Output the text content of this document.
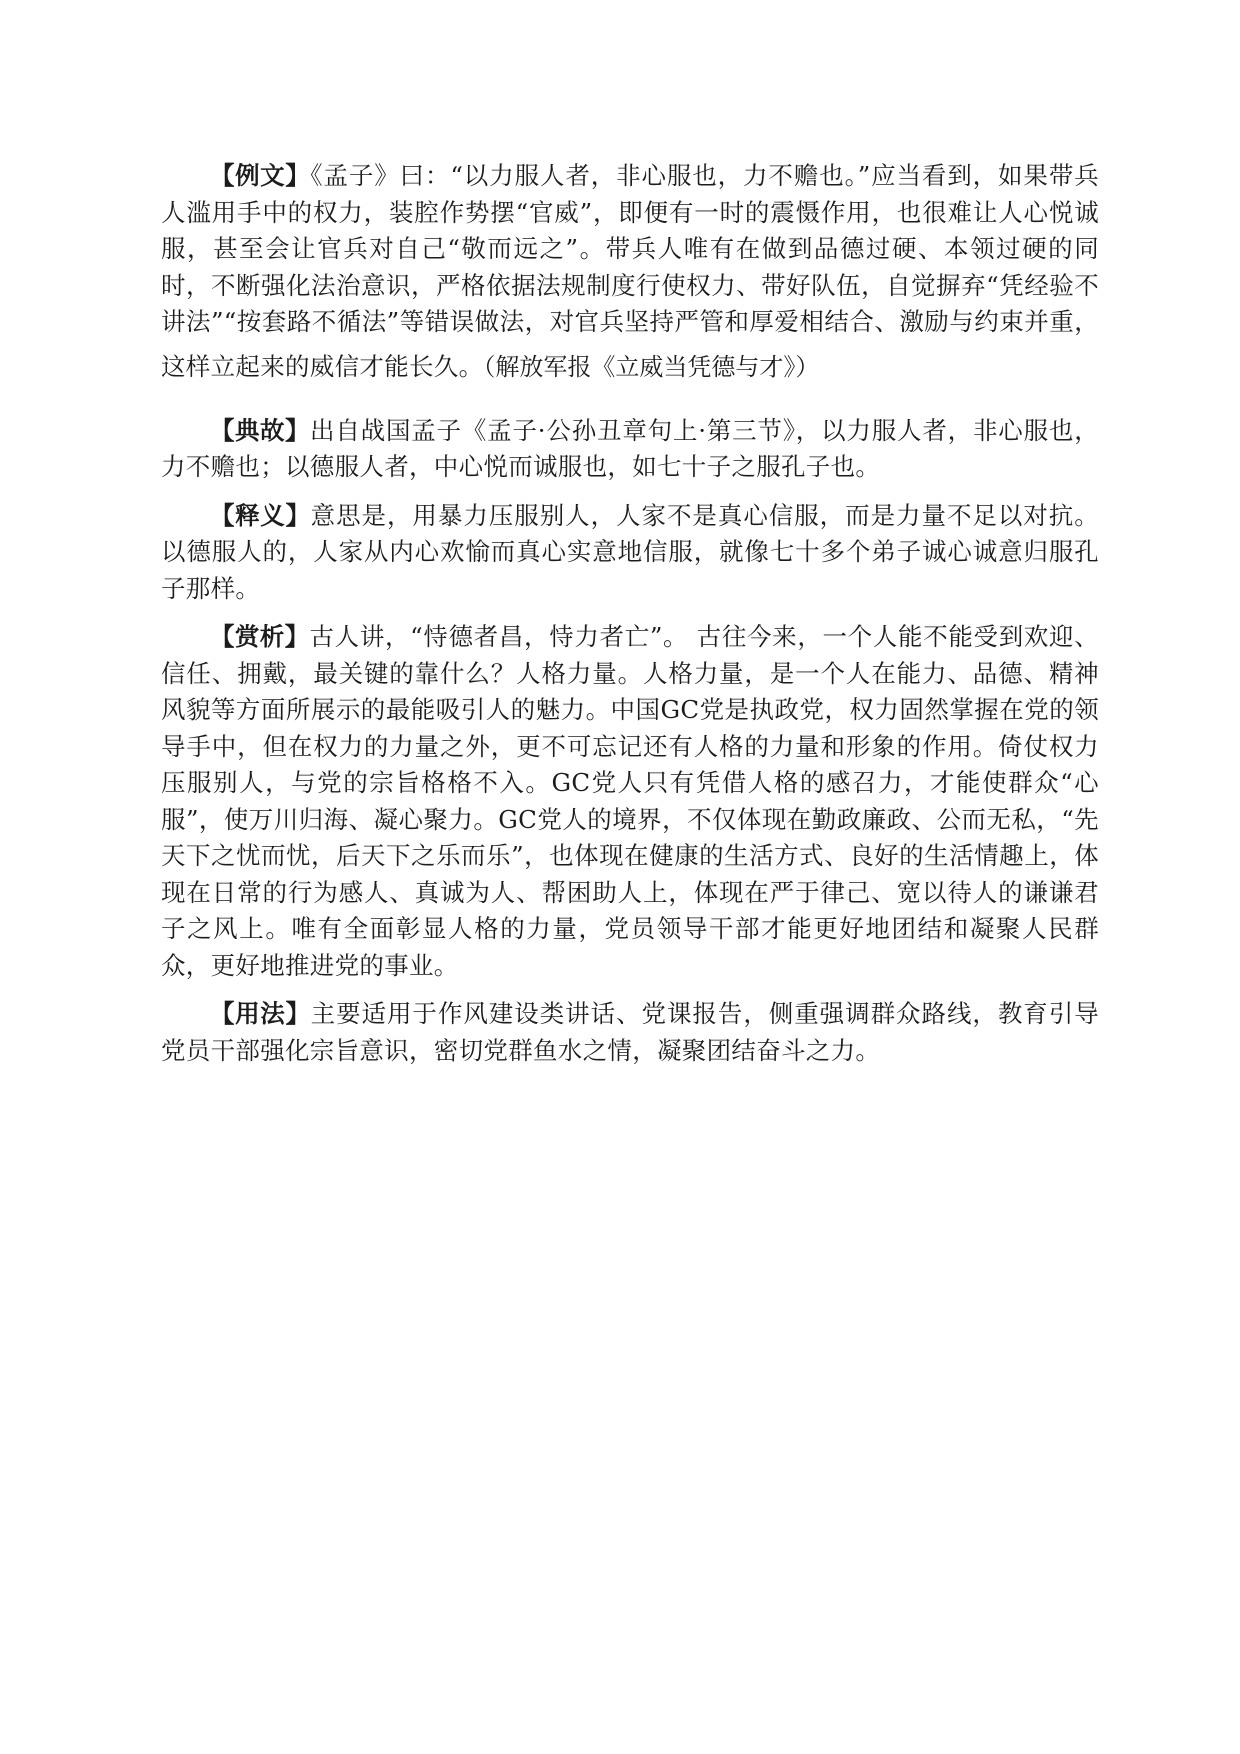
【例文】《孟子》曰：“以力服人者，非心服也，力不赡也。”应当看到，如果带兵人滥用手中的权力，装腔作势摆“官威”，即便有一时的震慑作用，也很难让人心悦诚服，甚至会让官兵对自己“敬而远之”。带兵人唯有在做到品德过硬、本领过硬的同时，不断强化法治意识，严格依据法规制度行使权力、带好队伍，自觉摒弃“凭经验不讲法”“按套路不循法”等错误做法，对官兵坚持严管和厚爱相结合、激励与约束并重，这样立起来的威信才能长久。（解放军报《立威当凭德与才》）

【典故】出自战国孟子《孟子·公孙丑章句上·第三节》，以力服人者，非心服也，力不赡也；以德服人者，中心悦而诚服也，如七十子之服孔子也。

【释义】意思是，用暴力压服别人，人家不是真心信服，而是力量不足以对抗。以德服人的，人家从内心欢愉而真心实意地信服，就像七十多个弟子诚心诚意归服孔子那样。

【赏析】古人讲，“恃德者昌，恃力者亡”。 古往今来，一个人能不能受到欢迎、信任、拥戴，最关键的靠什么？人格力量。人格力量，是一个人在能力、品德、精神风貌等方面所展示的最能吸引人的魅力。中国GC党是执政党，权力固然掌握在党的领导手中，但在权力的力量之外，更不可忘记还有人格的力量和形象的作用。倚仗权力压服别人，与党的宗旨格格不入。GC党人只有凭借人格的感召力，才能使群众“心服”，使万川归海、凝心聚力。GC党人的境界，不仅体现在勤政廉政、公而无私，“先天下之忧而忧，后天下之乐而乐”，也体现在健康的生活方式、良好的生活情趣上，体现在日常的行为感人、真诚为人、帮困助人上，体现在严于律己、宽以待人的谦谦君子之风上。唯有全面彰显人格的力量，党员领导干部才能更好地团结和凝聚人民群众，更好地推进党的事业。

【用法】主要适用于作风建设类讲话、党课报告，侧重强调群众路线，教育引导党员干部强化宗旨意识，密切党群鱼水之情，凝聚团结奋斗之力。
